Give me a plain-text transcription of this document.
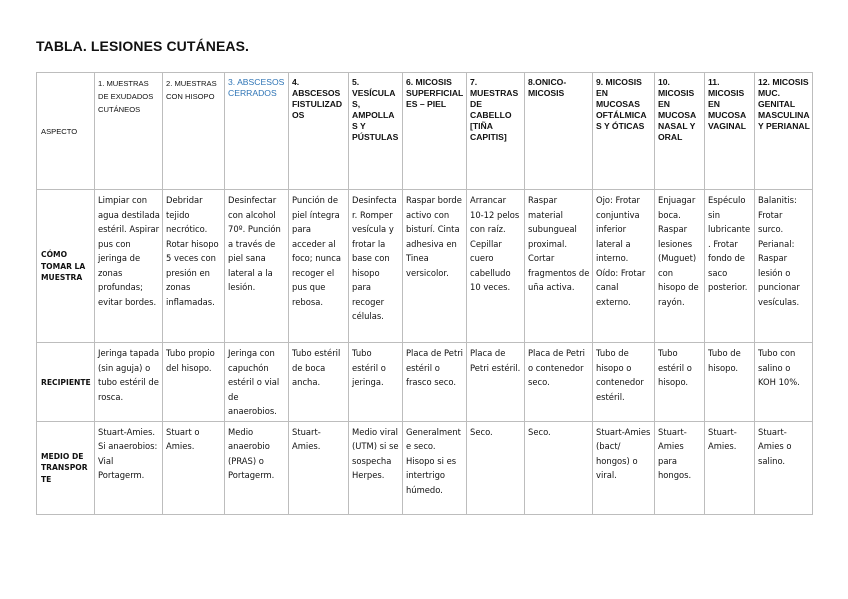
TABLA. LESIONES CUTÁNEAS.
ASPECTO	1. MUESTRAS DE EXUDADOS CUTÁNEOS	2. MUESTRAS CON HISOPO	3. ABSCESOS CERRADOS	4. ABSCESOS FISTULIZADOS	5. VESÍCULAS, AMPOLLAS Y PÚSTULAS	6. MICOSIS SUPERFICIALES – PIEL	7. MUESTRAS DE CABELLO [TIÑA CAPITIS]	8.ONICO-MICOSIS	9. MICOSIS EN MUCOSAS OFTÁLMICAS Y ÓTICAS	10. MICOSIS EN MUCOSA NASAL Y ORAL	11. MICOSIS EN MUCOSA VAGINAL	12. MICOSIS MUC. GENITAL MASCULINA Y PERIANAL
CÓMO TOMAR LA MUESTRA	Limpiar con agua destilada estéril. Aspirar pus con jeringa de zonas profundas; evitar bordes.	Debridar tejido necrótico. Rotar hisopo 5 veces con presión en zonas inflamadas.	Desinfectar con alcohol 70º. Punción a través de piel sana lateral a la lesión.	Punción de piel íntegra para acceder al foco; nunca recoger el pus que rebosa.	Desinfectar. Romper vesícula y frotar la base con hisopo para recoger células.	Raspar borde activo con bisturí. Cinta adhesiva en Tinea versicolor.	Arrancar 10-12 pelos con raíz. Cepillar cuero cabelludo 10 veces.	Raspar material subungueal proximal. Cortar fragmentos de uña activa.	Ojo: Frotar conjuntiva inferior lateral a interno. Oído: Frotar canal externo.	Enjuagar boca. Raspar lesiones (Muguet) con hisopo de rayón.	Espéculo sin lubricante. Frotar fondo de saco posterior.	Balanitis: Frotar surco. Perianal: Raspar lesión o puncionar vesículas.
RECIPIENTE	Jeringa tapada (sin aguja) o tubo estéril de rosca.	Tubo propio del hisopo.	Jeringa con capuchón estéril o vial de anaerobios.	Tubo estéril de boca ancha.	Tubo estéril o jeringa.	Placa de Petri estéril o frasco seco.	Placa de Petri estéril.	Placa de Petri o contenedor seco.	Tubo de hisopo o contenedor estéril.	Tubo estéril o hisopo.	Tubo de hisopo.	Tubo con salino o KOH 10%.
MEDIO DE TRANSPORTE	Stuart-Amies. Si anaerobios: Vial Portagerm.	Stuart o Amies.	Medio anaerobio (PRAS) o Portagerm.	Stuart-Amies.	Medio viral (UTM) si se sospecha Herpes.	Generalmente seco. Hisopo si es intertrigo húmedo.	Seco.	Seco.	Stuart-Amies (bact/ hongos) o viral.	Stuart-Amies para hongos.	Stuart-Amies.	Stuart-Amies o salino.
